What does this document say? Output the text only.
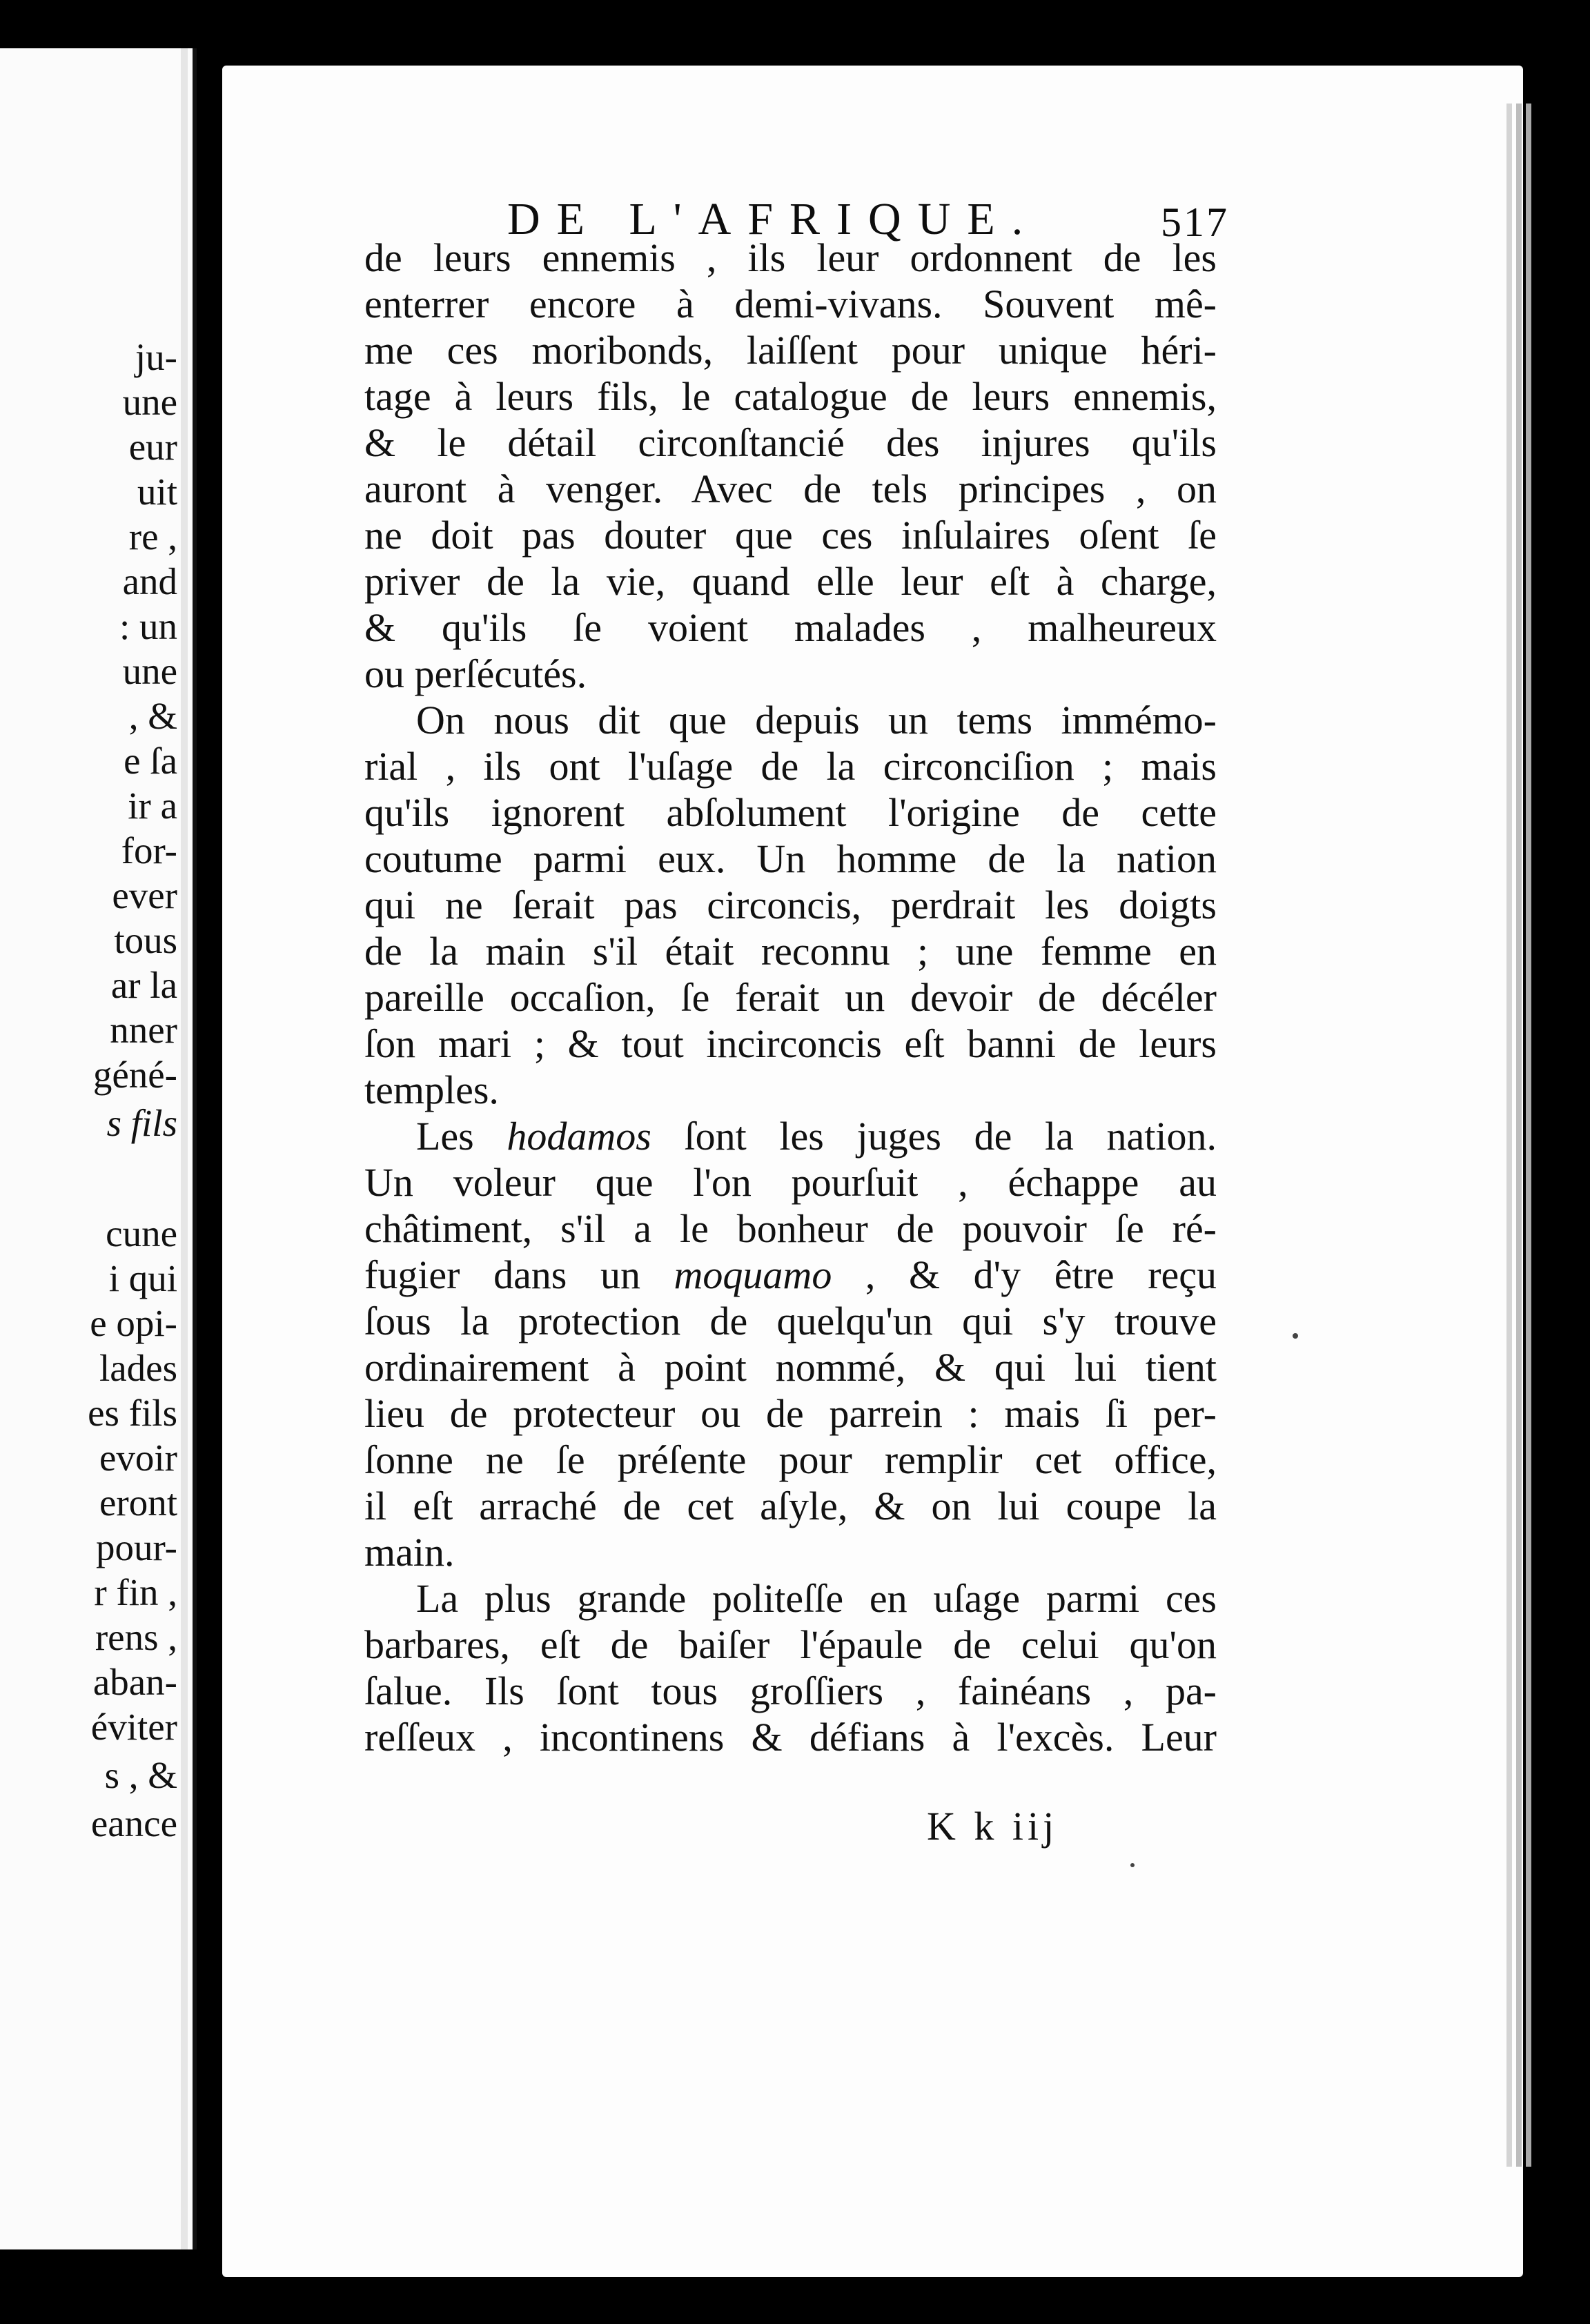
ju-
une
eur
uit
re ,
and
: un
une
, &
e ſa
ir a
for-
ever
tous
ar la
nner
géné-
s fils
cune
i qui
e opi-
lades
es fils
evoir
eront
pour-
r fin ,
rens ,
aban-
éviter
s , &
eance
DE L'AFRIQUE.	517
de leurs ennemis , ils leur ordonnent de les
enterrer encore à demi-vivans. Souvent mê-
me ces moribonds, laiſſent pour unique héri-
tage à leurs fils, le catalogue de leurs ennemis,
& le détail circonſtancié des injures qu'ils
auront à venger. Avec de tels principes , on
ne doit pas douter que ces inſulaires oſent ſe
priver de la vie, quand elle leur eſt à charge,
& qu'ils ſe voient malades , malheureux
ou perſécutés.
On nous dit que depuis un tems immémo-
rial , ils ont l'uſage de la circonciſion ; mais
qu'ils ignorent abſolument l'origine de cette
coutume parmi eux. Un homme de la nation
qui ne ſerait pas circoncis, perdrait les doigts
de la main s'il était reconnu ; une femme en
pareille occaſion, ſe ferait un devoir de décéler
ſon mari ; & tout incirconcis eſt banni de leurs
temples.
Les hodamos ſont les juges de la nation.
Un voleur que l'on pourſuit , échappe au
châtiment, s'il a le bonheur de pouvoir ſe ré-
fugier dans un moquamo , & d'y être reçu
ſous la protection de quelqu'un qui s'y trouve
ordinairement à point nommé, & qui lui tient
lieu de protecteur ou de parrein : mais ſi per-
ſonne ne ſe préſente pour remplir cet office,
il eſt arraché de cet aſyle, & on lui coupe la
main.
La plus grande politeſſe en uſage parmi ces
barbares, eſt de baiſer l'épaule de celui qu'on
ſalue. Ils ſont tous groſſiers , fainéans , pa-
reſſeux , incontinens & défians à l'excès. Leur
K k iij
